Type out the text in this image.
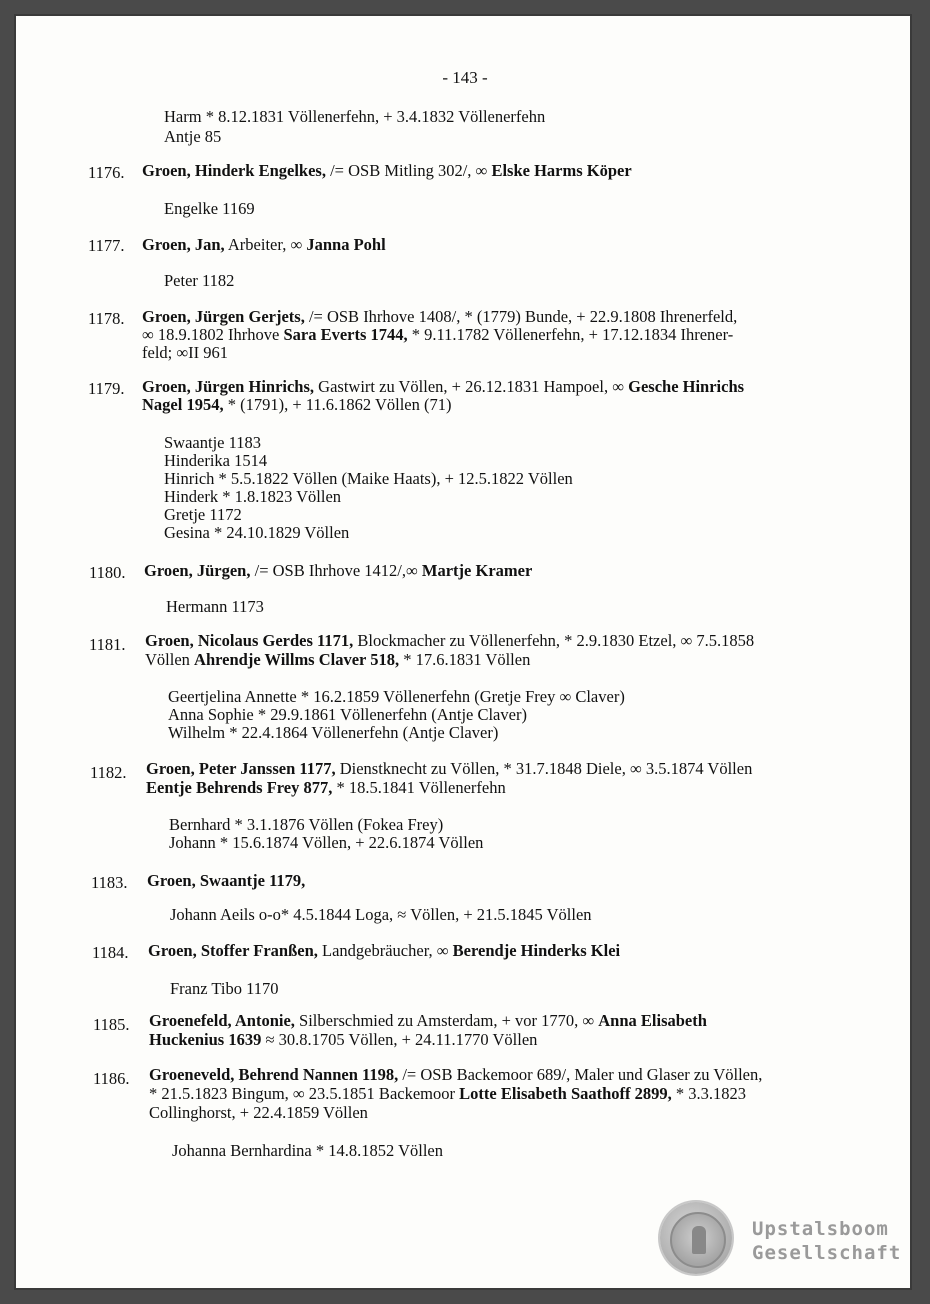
- 143 -
Harm * 8.12.1831 Völlenerfehn, + 3.4.1832 Völlenerfehn
Antje 85
1176. Groen, Hinderk Engelkes, /= OSB Mitling 302/, ∞ Elske Harms Köper
Engelke 1169
1177. Groen, Jan, Arbeiter, ∞ Janna Pohl
Peter 1182
1178. Groen, Jürgen Gerjets, /= OSB Ihrhove 1408/, * (1779) Bunde, + 22.9.1808 Ihrenerfeld,
∞ 18.9.1802 Ihrhove Sara Everts 1744, * 9.11.1782 Völlenerfehn, + 17.12.1834 Ihrener-
feld; ∞II 961
1179. Groen, Jürgen Hinrichs, Gastwirt zu Völlen, + 26.12.1831 Hampoel, ∞ Gesche Hinrichs
Nagel 1954, * (1791), + 11.6.1862 Völlen (71)
Swaantje 1183
Hinderika 1514
Hinrich * 5.5.1822 Völlen (Maike Haats), + 12.5.1822 Völlen
Hinderk * 1.8.1823 Völlen
Gretje 1172
Gesina * 24.10.1829 Völlen
1180. Groen, Jürgen, /= OSB Ihrhove 1412/,∞ Martje Kramer
Hermann 1173
1181. Groen, Nicolaus Gerdes 1171, Blockmacher zu Völlenerfehn, * 2.9.1830 Etzel, ∞ 7.5.1858
Völlen Ahrendje Willms Claver 518, * 17.6.1831 Völlen
Geertjelina Annette * 16.2.1859 Völlenerfehn (Gretje Frey ∞ Claver)
Anna Sophie * 29.9.1861 Völlenerfehn (Antje Claver)
Wilhelm * 22.4.1864 Völlenerfehn (Antje Claver)
1182. Groen, Peter Janssen 1177, Dienstknecht zu Völlen, * 31.7.1848 Diele, ∞ 3.5.1874 Völlen
Eentje Behrends Frey 877, * 18.5.1841 Völlenerfehn
Bernhard * 3.1.1876 Völlen (Fokea Frey)
Johann * 15.6.1874 Völlen, + 22.6.1874 Völlen
1183. Groen, Swaantje 1179,
Johann Aeils o-o* 4.5.1844 Loga, ≈ Völlen, + 21.5.1845 Völlen
1184. Groen, Stoffer Franßen, Landgebräucher, ∞ Berendje Hinderks Klei
Franz Tibo 1170
1185. Groenefeld, Antonie, Silberschmied zu Amsterdam, + vor 1770, ∞ Anna Elisabeth
Huckenius 1639 ≈ 30.8.1705 Völlen, + 24.11.1770 Völlen
1186. Groeneveld, Behrend Nannen 1198, /= OSB Backemoor 689/, Maler und Glaser zu Völlen,
* 21.5.1823 Bingum, ∞ 23.5.1851 Backemoor Lotte Elisabeth Saathoff 2899, * 3.3.1823
Collinghorst, + 22.4.1859 Völlen
Johanna Bernhardina * 14.8.1852 Völlen
Upstalsboom
Gesellschaft
